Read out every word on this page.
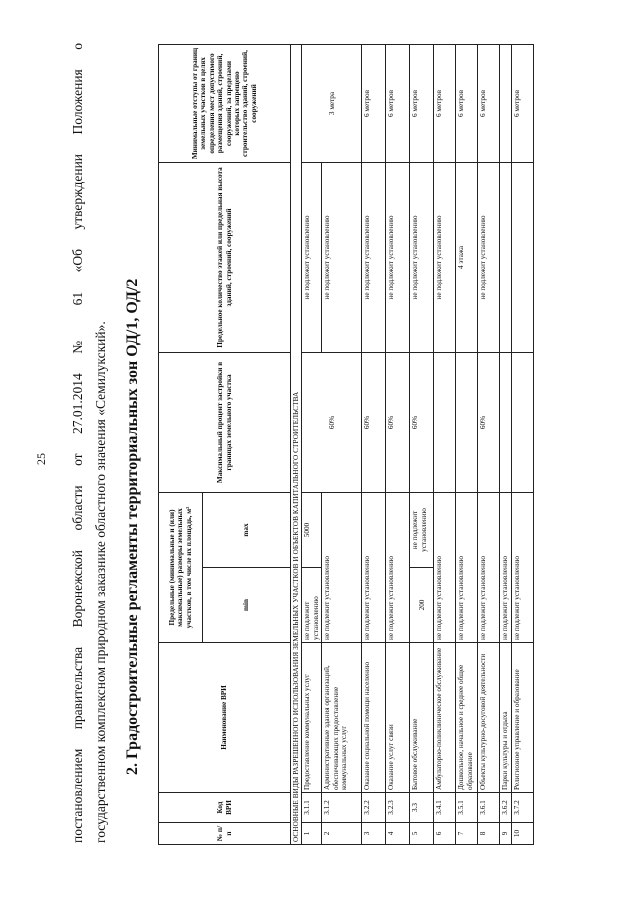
25 постановлением правительства Воронежской области от 27.01.2014 № 61 «Об утверждении Положения о государственном комплексном природном заказнике областного значения «Семилукский». 2. Градостроительные регламенты территориальных зон ОД/1, ОД/2
№ п/п	Код ВРИ	Наименование ВРИ	Предельные (минимальные и (или) максимальные) размеры земельных участков, в том числе их площадь, м²		Максимальный процент застройки в границах земельного участка	Предельное количество этажей или предельная высота зданий, строений, сооружений	Минимальные отступы от границ земельных участков в целях определения мест допустимого размещения зданий, строений, сооружений, за пределами которых запрещено строительство зданий, строений, сооружений
			min	max			
ОСНОВНЫЕ ВИДЫ РАЗРЕШЕННОГО ИСПОЛЬЗОВАНИЯ ЗЕМЕЛЬНЫХ УЧАСТКОВ И ОБЪЕКТОВ КАПИТАЛЬНОГО СТРОИТЕЛЬСТВА							
1	3.1.1	Предоставление коммунальных услуг	не подлежит установлению	5000	60%	не подлежит установлению	3 метра
2	3.1.2	Административные здания организаций, обеспечивающих предоставление коммунальных услуг	не подлежит установлению			не подлежит установлению	
3	3.2.2	Оказание социальной помощи населению	не подлежит установлению		60%	не подлежит установлению	6 метров
4	3.2.3	Оказание услуг связи	не подлежит установлению		60%	не подлежит установлению	6 метров
5	3.3	Бытовое обслуживание	200	не подлежит установлению	60%	не подлежит установлению	6 метров
6	3.4.1	Амбулаторно-поликлиническое обслуживание	не подлежит установлению			не подлежит установлению	6 метров
7	3.5.1	Дошкольное, начальное и среднее общее образование	не подлежит установлению			4 этажа	6 метров
8	3.6.1	Объекты культурно-досуговой деятельности	не подлежит установлению		60%	не подлежит установлению	6 метров
9	3.6.2	Парки культуры и отдыха	не подлежит установлению				
10	3.7.2	Религиозное управление и образование	не подлежит установлению				6 метров
